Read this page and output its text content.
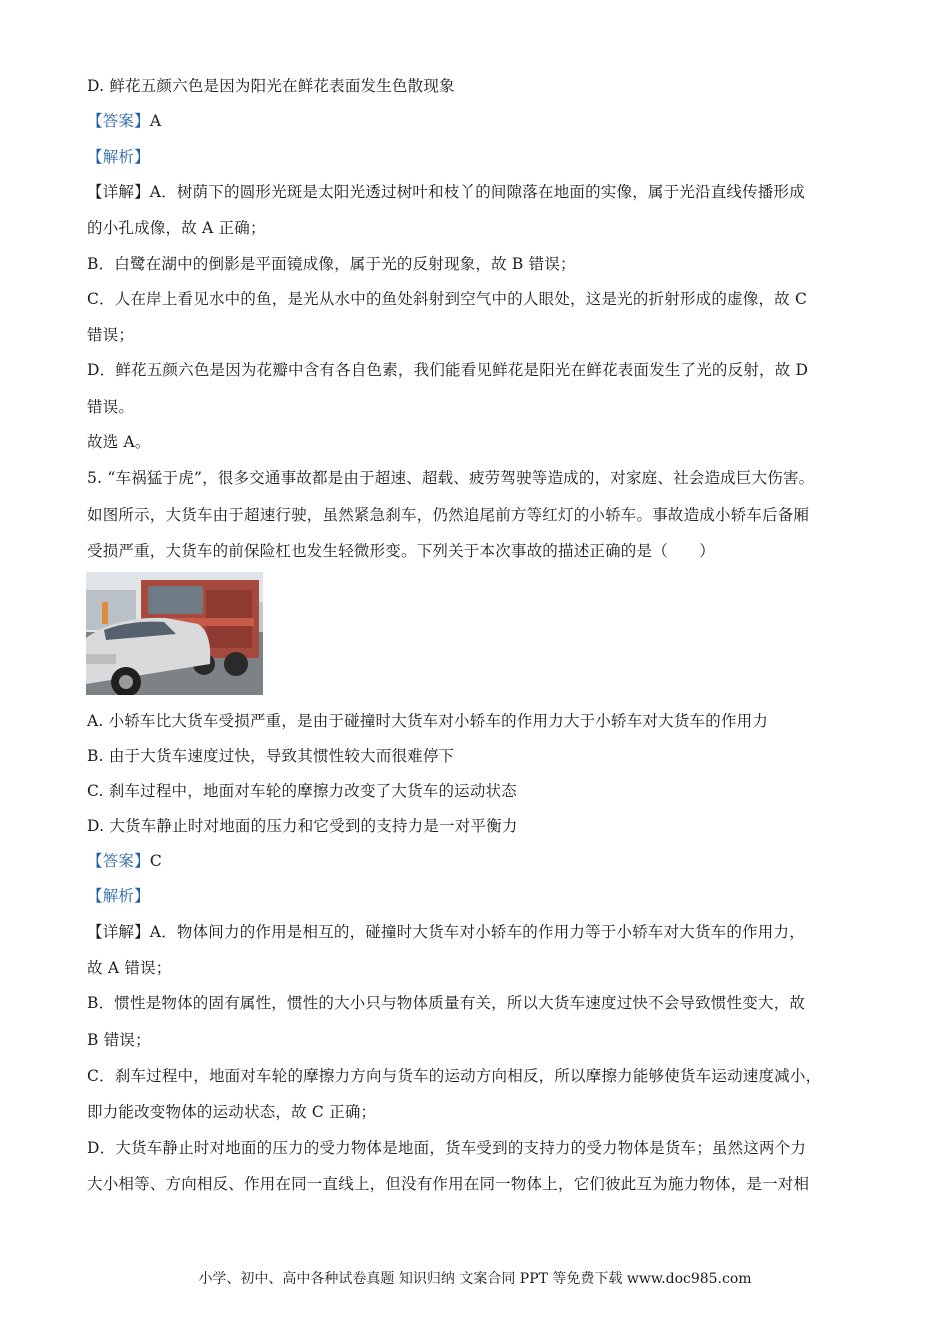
D. 鲜花五颜六色是因为阳光在鲜花表面发生色散现象
【答案】A
【解析】
【详解】A．树荫下的圆形光斑是太阳光透过树叶和枝丫的间隙落在地面的实像，属于光沿直线传播形成
的小孔成像，故 A 正确；
B．白鹭在湖中的倒影是平面镜成像，属于光的反射现象，故 B 错误；
C．人在岸上看见水中的鱼，是光从水中的鱼处斜射到空气中的人眼处，这是光的折射形成的虚像，故 C
错误；
D．鲜花五颜六色是因为花瓣中含有各自色素，我们能看见鲜花是阳光在鲜花表面发生了光的反射，故 D
错误。
故选 A。
5. “车祸猛于虎”，很多交通事故都是由于超速、超载、疲劳驾驶等造成的，对家庭、社会造成巨大伤害。
如图所示，大货车由于超速行驶，虽然紧急刹车，仍然追尾前方等红灯的小轿车。事故造成小轿车后备厢
受损严重，大货车的前保险杠也发生轻微形变。下列关于本次事故的描述正确的是（　　）
A. 小轿车比大货车受损严重，是由于碰撞时大货车对小轿车的作用力大于小轿车对大货车的作用力
B. 由于大货车速度过快，导致其惯性较大而很难停下
C. 刹车过程中，地面对车轮的摩擦力改变了大货车的运动状态
D. 大货车静止时对地面的压力和它受到的支持力是一对平衡力
【答案】C
【解析】
【详解】A．物体间力的作用是相互的，碰撞时大货车对小轿车的作用力等于小轿车对大货车的作用力，
故 A 错误；
B．惯性是物体的固有属性，惯性的大小只与物体质量有关，所以大货车速度过快不会导致惯性变大，故
B 错误；
C．刹车过程中，地面对车轮的摩擦力方向与货车的运动方向相反，所以摩擦力能够使货车运动速度减小，
即力能改变物体的运动状态，故 C 正确；
D．大货车静止时对地面的压力的受力物体是地面，货车受到的支持力的受力物体是货车；虽然这两个力
大小相等、方向相反、作用在同一直线上，但没有作用在同一物体上，它们彼此互为施力物体，是一对相
小学、初中、高中各种试卷真题 知识归纳 文案合同 PPT 等免费下载 www.doc985.com
